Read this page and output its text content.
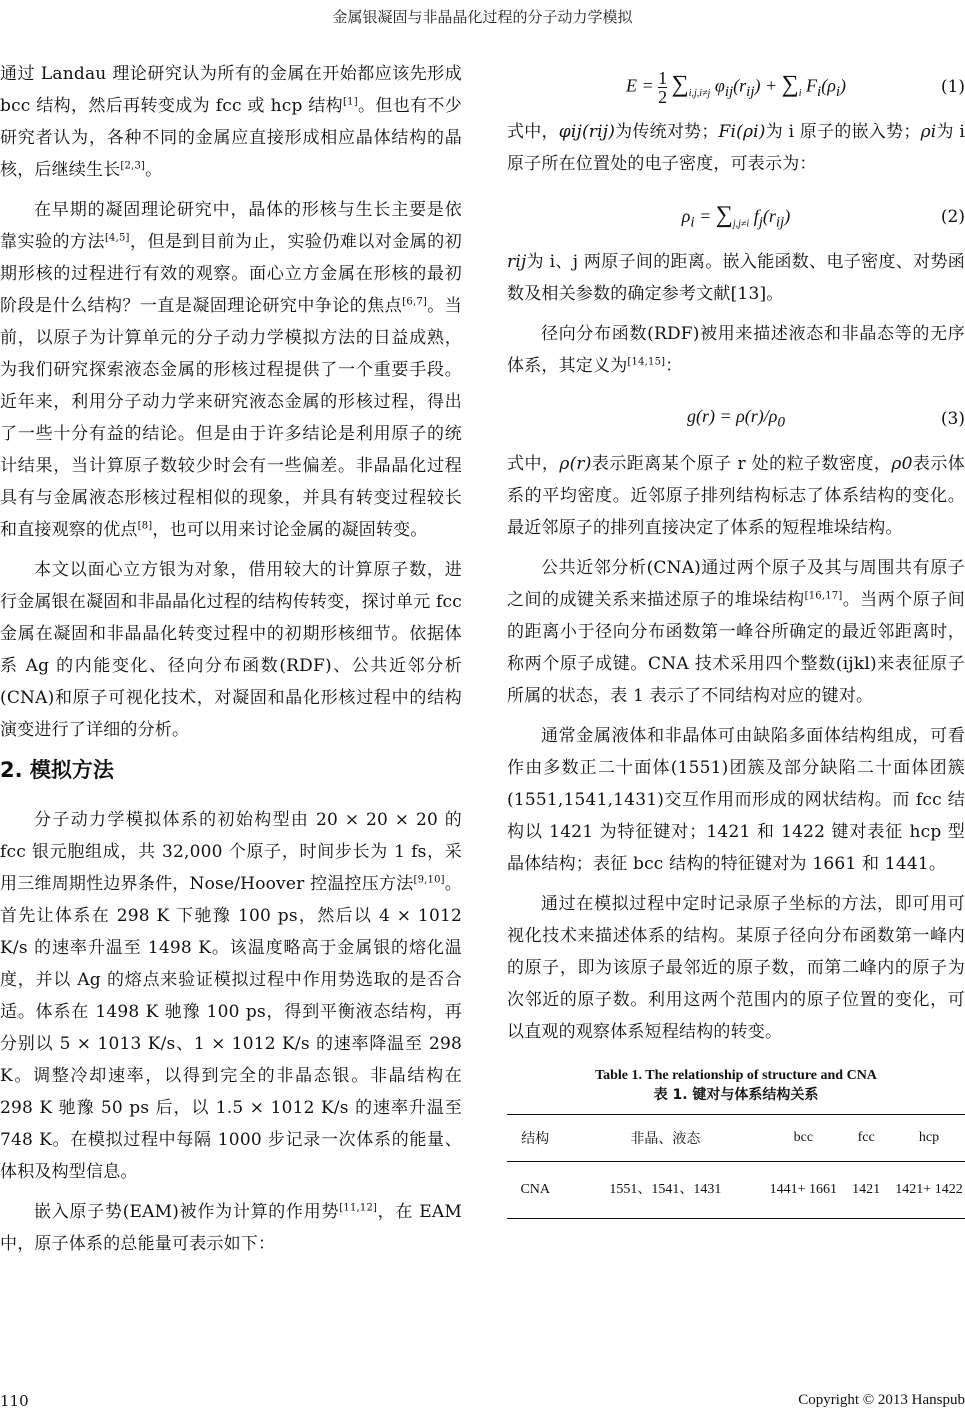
金属银凝固与非晶晶化过程的分子动力学模拟

通过 Landau 理论研究认为所有的金属在开始都应该先形成 bcc 结构，然后再转变成为 fcc 或 hcp 结构[1]。但也有不少研究者认为，各种不同的金属应直接形成相应晶体结构的晶核，后继续生长[2,3]。

在早期的凝固理论研究中，晶体的形核与生长主要是依靠实验的方法[4,5]，但是到目前为止，实验仍难以对金属的初期形核的过程进行有效的观察。面心立方金属在形核的最初阶段是什么结构？一直是凝固理论研究中争论的焦点[6,7]。当前，以原子为计算单元的分子动力学模拟方法的日益成熟，为我们研究探索液态金属的形核过程提供了一个重要手段。近年来，利用分子动力学来研究液态金属的形核过程，得出了一些十分有益的结论。但是由于许多结论是利用原子的统计结果，当计算原子数较少时会有一些偏差。非晶晶化过程具有与金属液态形核过程相似的现象，并具有转变过程较长和直接观察的优点[8]，也可以用来讨论金属的凝固转变。

本文以面心立方银为对象，借用较大的计算原子数，进行金属银在凝固和非晶晶化过程的结构传转变，探讨单元 fcc 金属在凝固和非晶晶化转变过程中的初期形核细节。依据体系 Ag 的内能变化、径向分布函数(RDF)、公共近邻分析(CNA)和原子可视化技术，对凝固和晶化形核过程中的结构演变进行了详细的分析。

2. 模拟方法

分子动力学模拟体系的初始构型由 20 × 20 × 20 的 fcc 银元胞组成，共 32,000 个原子，时间步长为 1 fs，采用三维周期性边界条件，Nose/Hoover 控温控压方法[9,10]。首先让体系在 298 K 下驰豫 100 ps，然后以 4 × 1012 K/s 的速率升温至 1498 K。该温度略高于金属银的熔化温度，并以 Ag 的熔点来验证模拟过程中作用势选取的是否合适。体系在 1498 K 驰豫 100 ps，得到平衡液态结构，再分别以 5 × 1013 K/s、1 × 1012 K/s 的速率降温至 298 K。调整冷却速率，以得到完全的非晶态银。非晶结构在 298 K 驰豫 50 ps 后，以 1.5 × 1012 K/s 的速率升温至 748 K。在模拟过程中每隔 1000 步记录一次体系的能量、体积及构型信息。

嵌入原子势(EAM)被作为计算的作用势[11,12]，在 EAM 中，原子体系的总能量可表示如下：

$E = \frac{1}{2} \sum_{i,j,i\ne j}$ $\varphi_{ij}(r_{ij}) + \sum_i$ $F_i(\rho_i)$	(1)

式中，φij(rij)为传统对势；Fi(ρi)为 i 原子的嵌入势；ρi为 i 原子所在位置处的电子密度，可表示为：

$\rho_i = \sum_{j,j\ne i}$ $f_j(r_{ij})$	(2)

rij为 i、j 两原子间的距离。嵌入能函数、电子密度、对势函数及相关参数的确定参考文献[13]。

径向分布函数(RDF)被用来描述液态和非晶态等的无序体系，其定义为[14,15]：

$g(r) = \rho(r)/\rho_0$	(3)

式中，ρ(r)表示距离某个原子 r 处的粒子数密度，ρ0表示体系的平均密度。近邻原子排列结构标志了体系结构的变化。最近邻原子的排列直接决定了体系的短程堆垛结构。

公共近邻分析(CNA)通过两个原子及其与周围共有原子之间的成键关系来描述原子的堆垛结构[16,17]。当两个原子间的距离小于径向分布函数第一峰谷所确定的最近邻距离时，称两个原子成键。CNA 技术采用四个整数(ijkl)来表征原子所属的状态，表 1 表示了不同结构对应的键对。

通常金属液体和非晶体可由缺陷多面体结构组成，可看作由多数正二十面体(1551)团簇及部分缺陷二十面体团簇(1551,1541,1431)交互作用而形成的网状结构。而 fcc 结构以 1421 为特征键对；1421 和 1422 键对表征 hcp 型晶体结构；表征 bcc 结构的特征键对为 1661 和 1441。

通过在模拟过程中定时记录原子坐标的方法，即可用可视化技术来描述体系的结构。某原子径向分布函数第一峰内的原子，即为该原子最邻近的原子数，而第二峰内的原子为次邻近的原子数。利用这两个范围内的原子位置的变化，可以直观的观察体系短程结构的转变。

Table 1. The relationship of structure and CNA
表 1. 键对与体系结构关系
结构	非晶、液态	bcc	fcc	hcp
CNA	1551、1541、1431	1441+ 1661	1421	1421+ 1422
110	Copyright © 2013 Hanspub
